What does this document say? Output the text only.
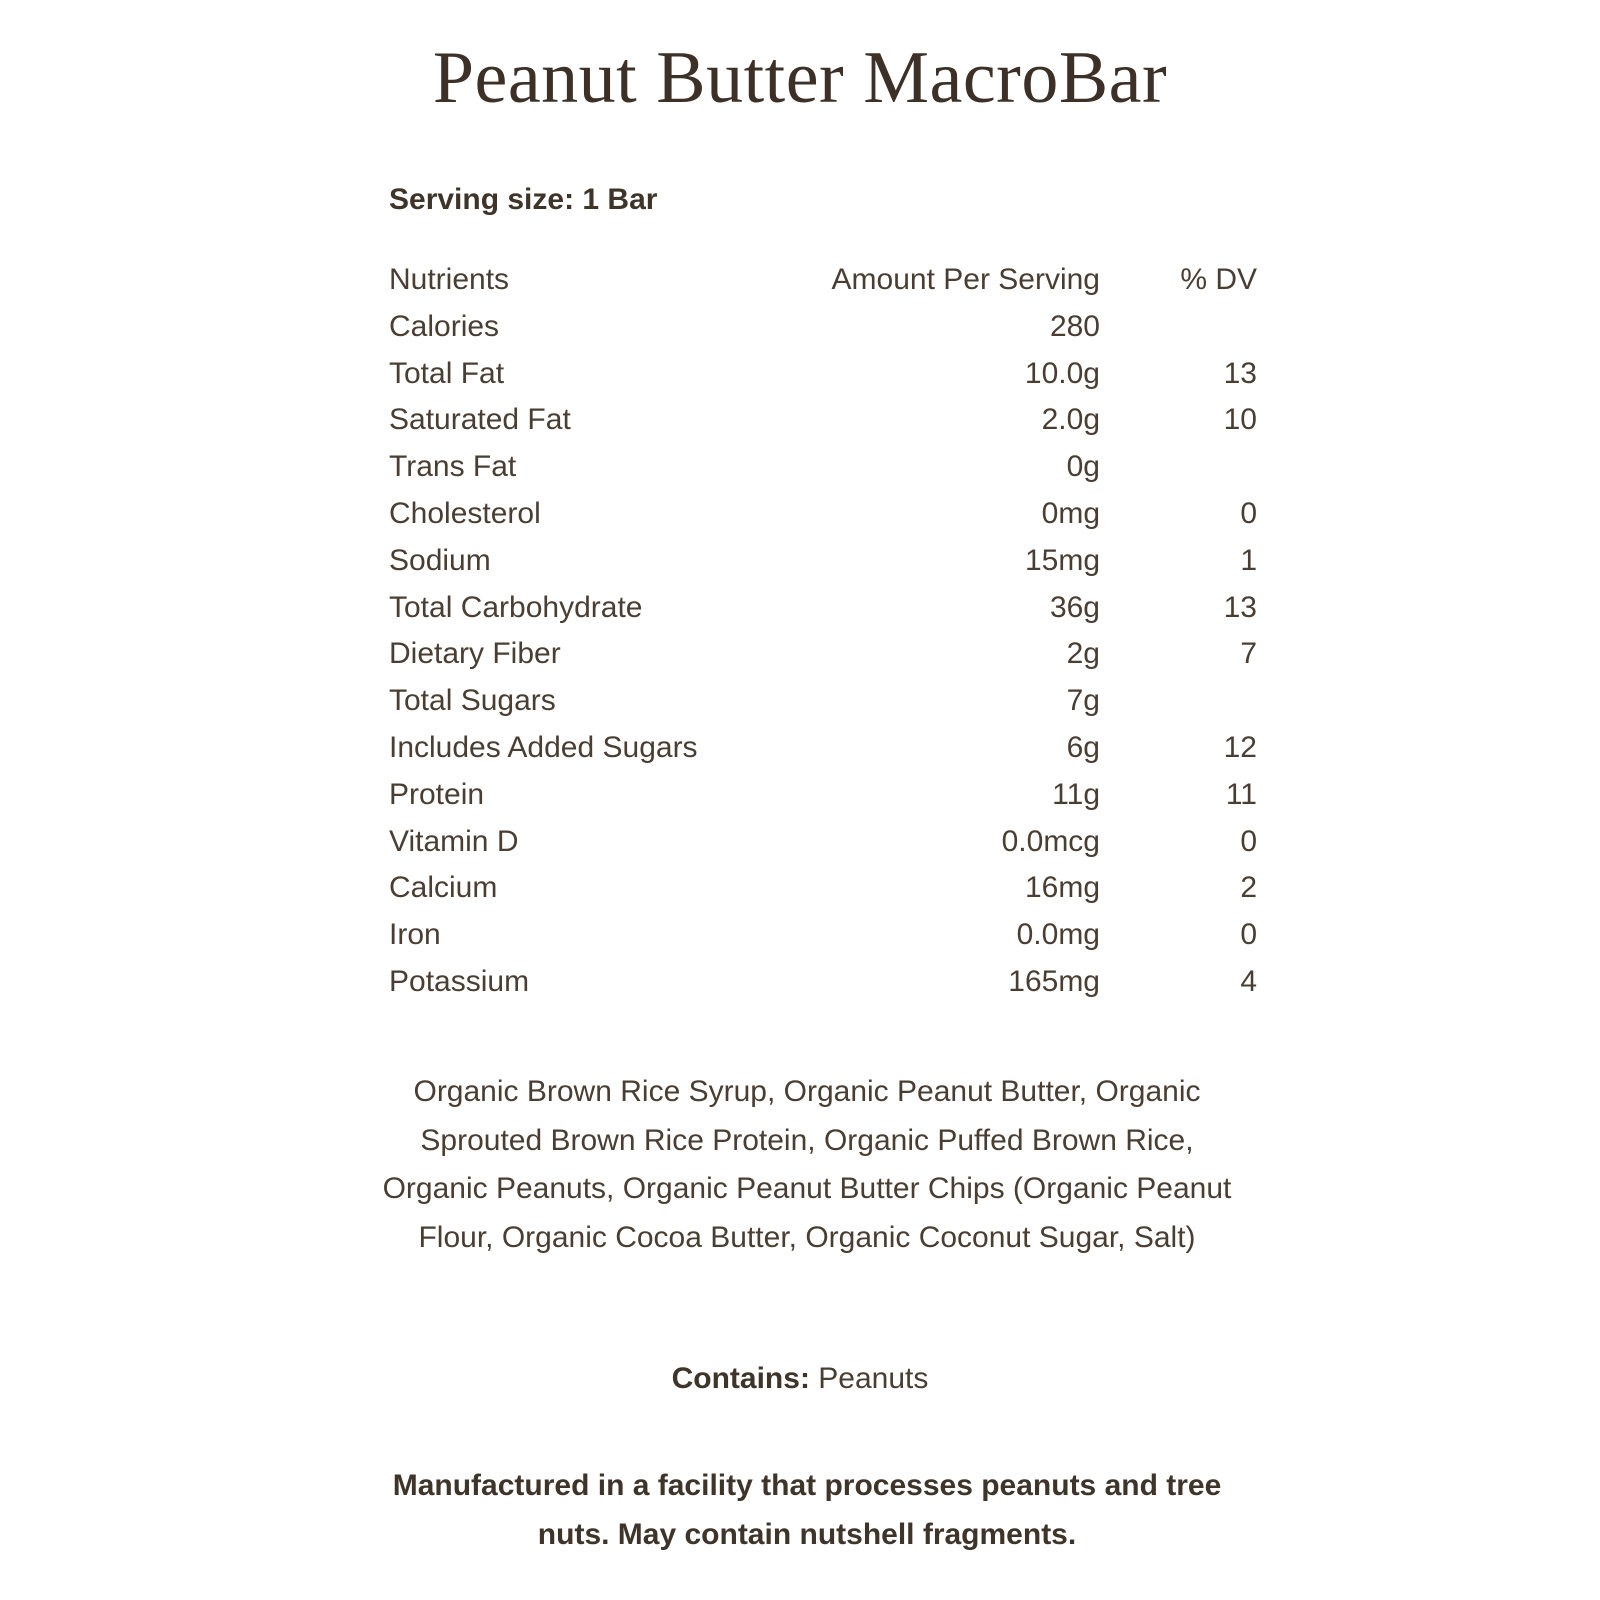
Peanut Butter MacroBar
Serving size: 1 Bar
Nutrients	Amount Per Serving	% DV
Calories	280
Total Fat	10.0g	13
Saturated Fat	2.0g	10
Trans Fat	0g
Cholesterol	0mg	0
Sodium	15mg	1
Total Carbohydrate	36g	13
Dietary Fiber	2g	7
Total Sugars	7g
Includes Added Sugars	6g	12
Protein	11g	11
Vitamin D	0.0mcg	0
Calcium	16mg	2
Iron	0.0mg	0
Potassium	165mg	4
Organic Brown Rice Syrup, Organic Peanut Butter, Organic Sprouted Brown Rice Protein, Organic Puffed Brown Rice, Organic Peanuts, Organic Peanut Butter Chips (Organic Peanut Flour, Organic Cocoa Butter, Organic Coconut Sugar, Salt)
Contains: Peanuts
Manufactured in a facility that processes peanuts and tree nuts. May contain nutshell fragments.
